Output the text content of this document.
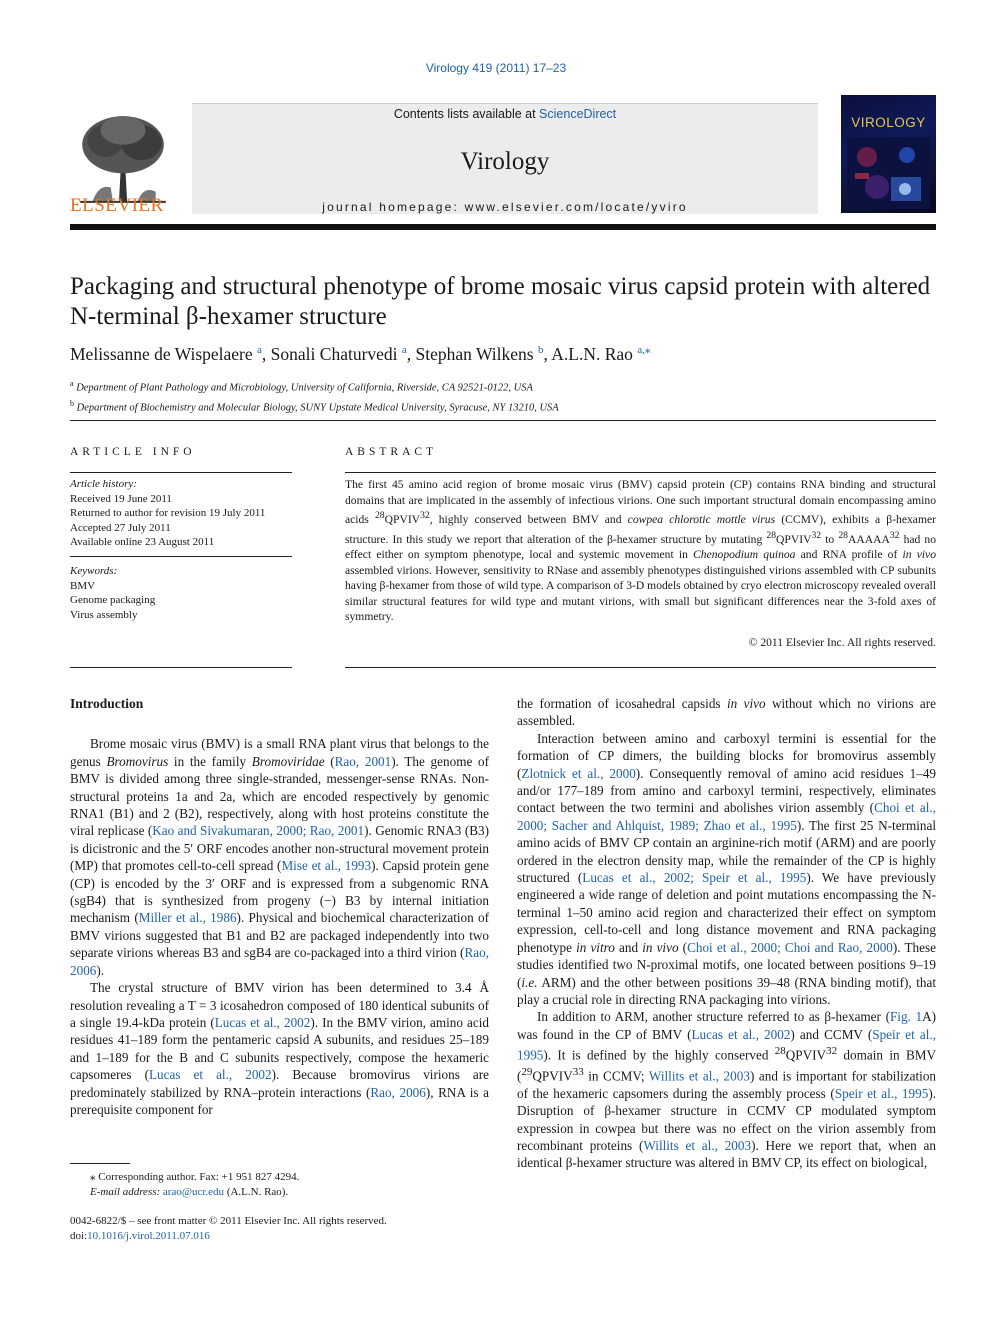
Virology 419 (2011) 17–23
ELSEVIER
Contents lists available at ScienceDirect
Virology
journal homepage: www.elsevier.com/locate/yviro
VIROLOGY
Packaging and structural phenotype of brome mosaic virus capsid protein with altered N-terminal β-hexamer structure
Melissanne de Wispelaere $^a$, Sonali Chaturvedi $^a$, Stephan Wilkens $^b$, A.L.N. Rao $^{a,⁎}$
$^a$ Department of Plant Pathology and Microbiology, University of California, Riverside, CA 92521-0122, USA
$^b$ Department of Biochemistry and Molecular Biology, SUNY Upstate Medical University, Syracuse, NY 13210, USA
ARTICLE INFO
Article history:
Received 19 June 2011
Returned to author for revision 19 July 2011
Accepted 27 July 2011
Available online 23 August 2011
Keywords:
BMV
Genome packaging
Virus assembly
ABSTRACT
The first 45 amino acid region of brome mosaic virus (BMV) capsid protein (CP) contains RNA binding and structural domains that are implicated in the assembly of infectious virions. One such important structural domain encompassing amino acids $^{28}$QPVIV$^{32}$, highly conserved between BMV and cowpea chlorotic mottle virus (CCMV), exhibits a β-hexamer structure. In this study we report that alteration of the β-hexamer structure by mutating $^{28}$QPVIV$^{32}$ to $^{28}$AAAAA$^{32}$ had no effect either on symptom phenotype, local and systemic movement in Chenopodium quinoa and RNA profile of in vivo assembled virions. However, sensitivity to RNase and assembly phenotypes distinguished virions assembled with CP subunits having β-hexamer from those of wild type. A comparison of 3-D models obtained by cryo electron microscopy revealed overall similar structural features for wild type and mutant virions, with small but significant differences near the 3-fold axes of symmetry.
© 2011 Elsevier Inc. All rights reserved.
Introduction

Brome mosaic virus (BMV) is a small RNA plant virus that belongs to the genus Bromovirus in the family Bromoviridae (Rao, 2001). The genome of BMV is divided among three single-stranded, messenger-sense RNAs. Non-structural proteins 1a and 2a, which are encoded respectively by genomic RNA1 (B1) and 2 (B2), respectively, along with host proteins constitute the viral replicase (Kao and Sivakumaran, 2000; Rao, 2001). Genomic RNA3 (B3) is dicistronic and the 5′ ORF encodes another non-structural movement protein (MP) that promotes cell-to-cell spread (Mise et al., 1993). Capsid protein gene (CP) is encoded by the 3′ ORF and is expressed from a subgenomic RNA (sgB4) that is synthesized from progeny (−) B3 by internal initiation mechanism (Miller et al., 1986). Physical and biochemical characterization of BMV virions suggested that B1 and B2 are packaged independently into two separate virions whereas B3 and sgB4 are co-packaged into a third virion (Rao, 2006).

The crystal structure of BMV virion has been determined to 3.4 Å resolution revealing a T = 3 icosahedron composed of 180 identical subunits of a single 19.4-kDa protein (Lucas et al., 2002). In the BMV virion, amino acid residues 41–189 form the pentameric capsid A subunits, and residues 25–189 and 1–189 for the B and C subunits respectively, compose the hexameric capsomeres (Lucas et al., 2002). Because bromovirus virions are predominately stabilized by RNA–protein interactions (Rao, 2006), RNA is a prerequisite component for

the formation of icosahedral capsids in vivo without which no virions are assembled.

Interaction between amino and carboxyl termini is essential for the formation of CP dimers, the building blocks for bromovirus assembly (Zlotnick et al., 2000). Consequently removal of amino acid residues 1–49 and/or 177–189 from amino and carboxyl termini, respectively, eliminates contact between the two termini and abolishes virion assembly (Choi et al., 2000; Sacher and Ahlquist, 1989; Zhao et al., 1995). The first 25 N-terminal amino acids of BMV CP contain an arginine-rich motif (ARM) and are poorly ordered in the electron density map, while the remainder of the CP is highly structured (Lucas et al., 2002; Speir et al., 1995). We have previously engineered a wide range of deletion and point mutations encompassing the N-terminal 1–50 amino acid region and characterized their effect on symptom expression, cell-to-cell and long distance movement and RNA packaging phenotype in vitro and in vivo (Choi et al., 2000; Choi and Rao, 2000). These studies identified two N-proximal motifs, one located between positions 9–19 (i.e. ARM) and the other between positions 39–48 (RNA binding motif), that play a crucial role in directing RNA packaging into virions.

In addition to ARM, another structure referred to as β-hexamer (Fig. 1A) was found in the CP of BMV (Lucas et al., 2002) and CCMV (Speir et al., 1995). It is defined by the highly conserved $^{28}$QPVIV$^{32}$ domain in BMV ($^{29}$QPVIV$^{33}$ in CCMV; Willits et al., 2003) and is important for stabilization of the hexameric capsomers during the assembly process (Speir et al., 1995). Disruption of β-hexamer structure in CCMV CP modulated symptom expression in cowpea but there was no effect on the virion assembly from recombinant proteins (Willits et al., 2003). Here we report that, when an identical β-hexamer structure was altered in BMV CP, its effect on biological,

⁎ Corresponding author. Fax: +1 951 827 4294.
E-mail address: arao@ucr.edu (A.L.N. Rao).
0042-6822/$ – see front matter © 2011 Elsevier Inc. All rights reserved.
doi:10.1016/j.virol.2011.07.016
